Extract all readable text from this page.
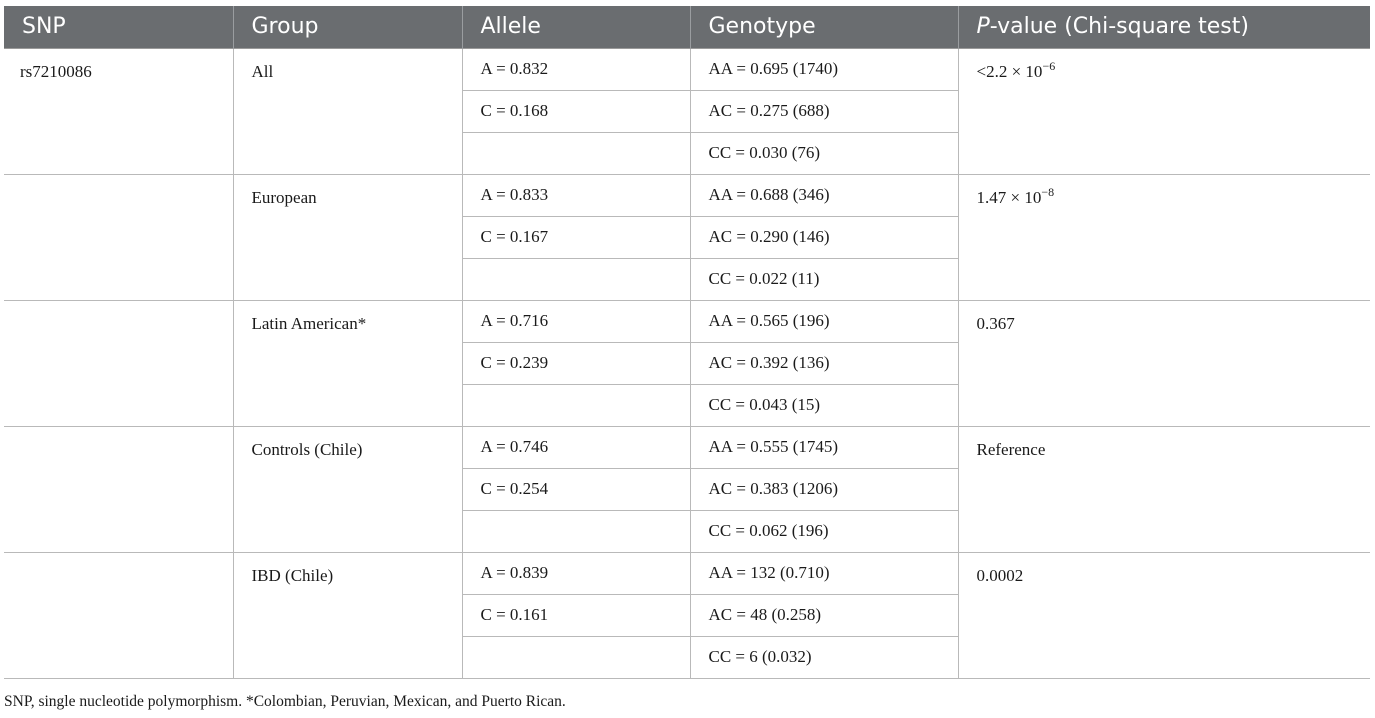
SNP	Group	Allele	Genotype	P-value (Chi-square test)
rs7210086	All	A = 0.832	AA = 0.695 (1740)	$<2.2 \times 10^{-6}$
		C = 0.168	AC = 0.275 (688)	
			CC = 0.030 (76)	
	European	A = 0.833	AA = 0.688 (346)	$1.47 \times 10^{-8}$
		C = 0.167	AC = 0.290 (146)	
			CC = 0.022 (11)	
	Latin American*	A = 0.716	AA = 0.565 (196)	0.367
		C = 0.239	AC = 0.392 (136)	
			CC = 0.043 (15)	
	Controls (Chile)	A = 0.746	AA = 0.555 (1745)	Reference
		C = 0.254	AC = 0.383 (1206)	
			CC = 0.062 (196)	
	IBD (Chile)	A = 0.839	AA = 132 (0.710)	0.0002
		C = 0.161	AC = 48 (0.258)	
			CC = 6 (0.032)	
SNP, single nucleotide polymorphism. *Colombian, Peruvian, Mexican, and Puerto Rican.
